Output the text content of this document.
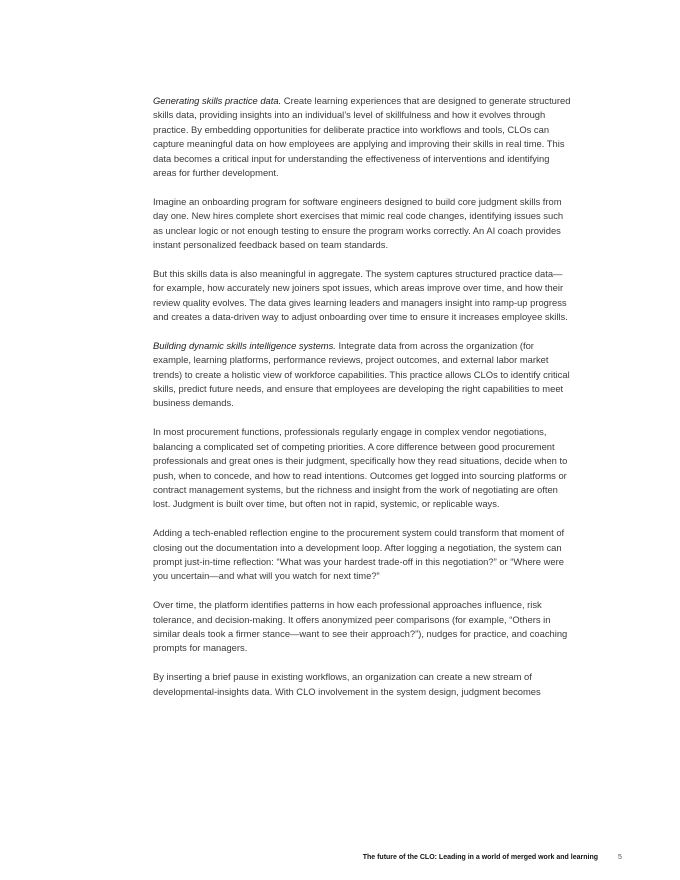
Generating skills practice data. Create learning experiences that are designed to generate structured skills data, providing insights into an individual’s level of skillfulness and how it evolves through practice. By embedding opportunities for deliberate practice into workflows and tools, CLOs can capture meaningful data on how employees are applying and improving their skills in real time. This data becomes a critical input for understanding the effectiveness of interventions and identifying areas for further development.

Imagine an onboarding program for software engineers designed to build core judgment skills from day one. New hires complete short exercises that mimic real code changes, identifying issues such as unclear logic or not enough testing to ensure the program works correctly. An AI coach provides instant personalized feedback based on team standards.

But this skills data is also meaningful in aggregate. The system captures structured practice data—for example, how accurately new joiners spot issues, which areas improve over time, and how their review quality evolves. The data gives learning leaders and managers insight into ramp-up progress and creates a data-driven way to adjust onboarding over time to ensure it increases employee skills.

Building dynamic skills intelligence systems. Integrate data from across the organization (for example, learning platforms, performance reviews, project outcomes, and external labor market trends) to create a holistic view of workforce capabilities. This practice allows CLOs to identify critical skills, predict future needs, and ensure that employees are developing the right capabilities to meet business demands.

In most procurement functions, professionals regularly engage in complex vendor negotiations, balancing a complicated set of competing priorities. A core difference between good procurement professionals and great ones is their judgment, specifically how they read situations, decide when to push, when to concede, and how to read intentions. Outcomes get logged into sourcing platforms or contract management systems, but the richness and insight from the work of negotiating are often lost. Judgment is built over time, but often not in rapid, systemic, or replicable ways.

Adding a tech-enabled reflection engine to the procurement system could transform that moment of closing out the documentation into a development loop. After logging a negotiation, the system can prompt just-in-time reflection: “What was your hardest trade-off in this negotiation?” or “Where were you uncertain—and what will you watch for next time?”

Over time, the platform identifies patterns in how each professional approaches influence, risk tolerance, and decision-making. It offers anonymized peer comparisons (for example, “Others in similar deals took a firmer stance—want to see their approach?”), nudges for practice, and coaching prompts for managers.

By inserting a brief pause in existing workflows, an organization can create a new stream of developmental-insights data. With CLO involvement in the system design, judgment becomes

The future of the CLO: Leading in a world of merged work and learning	5
